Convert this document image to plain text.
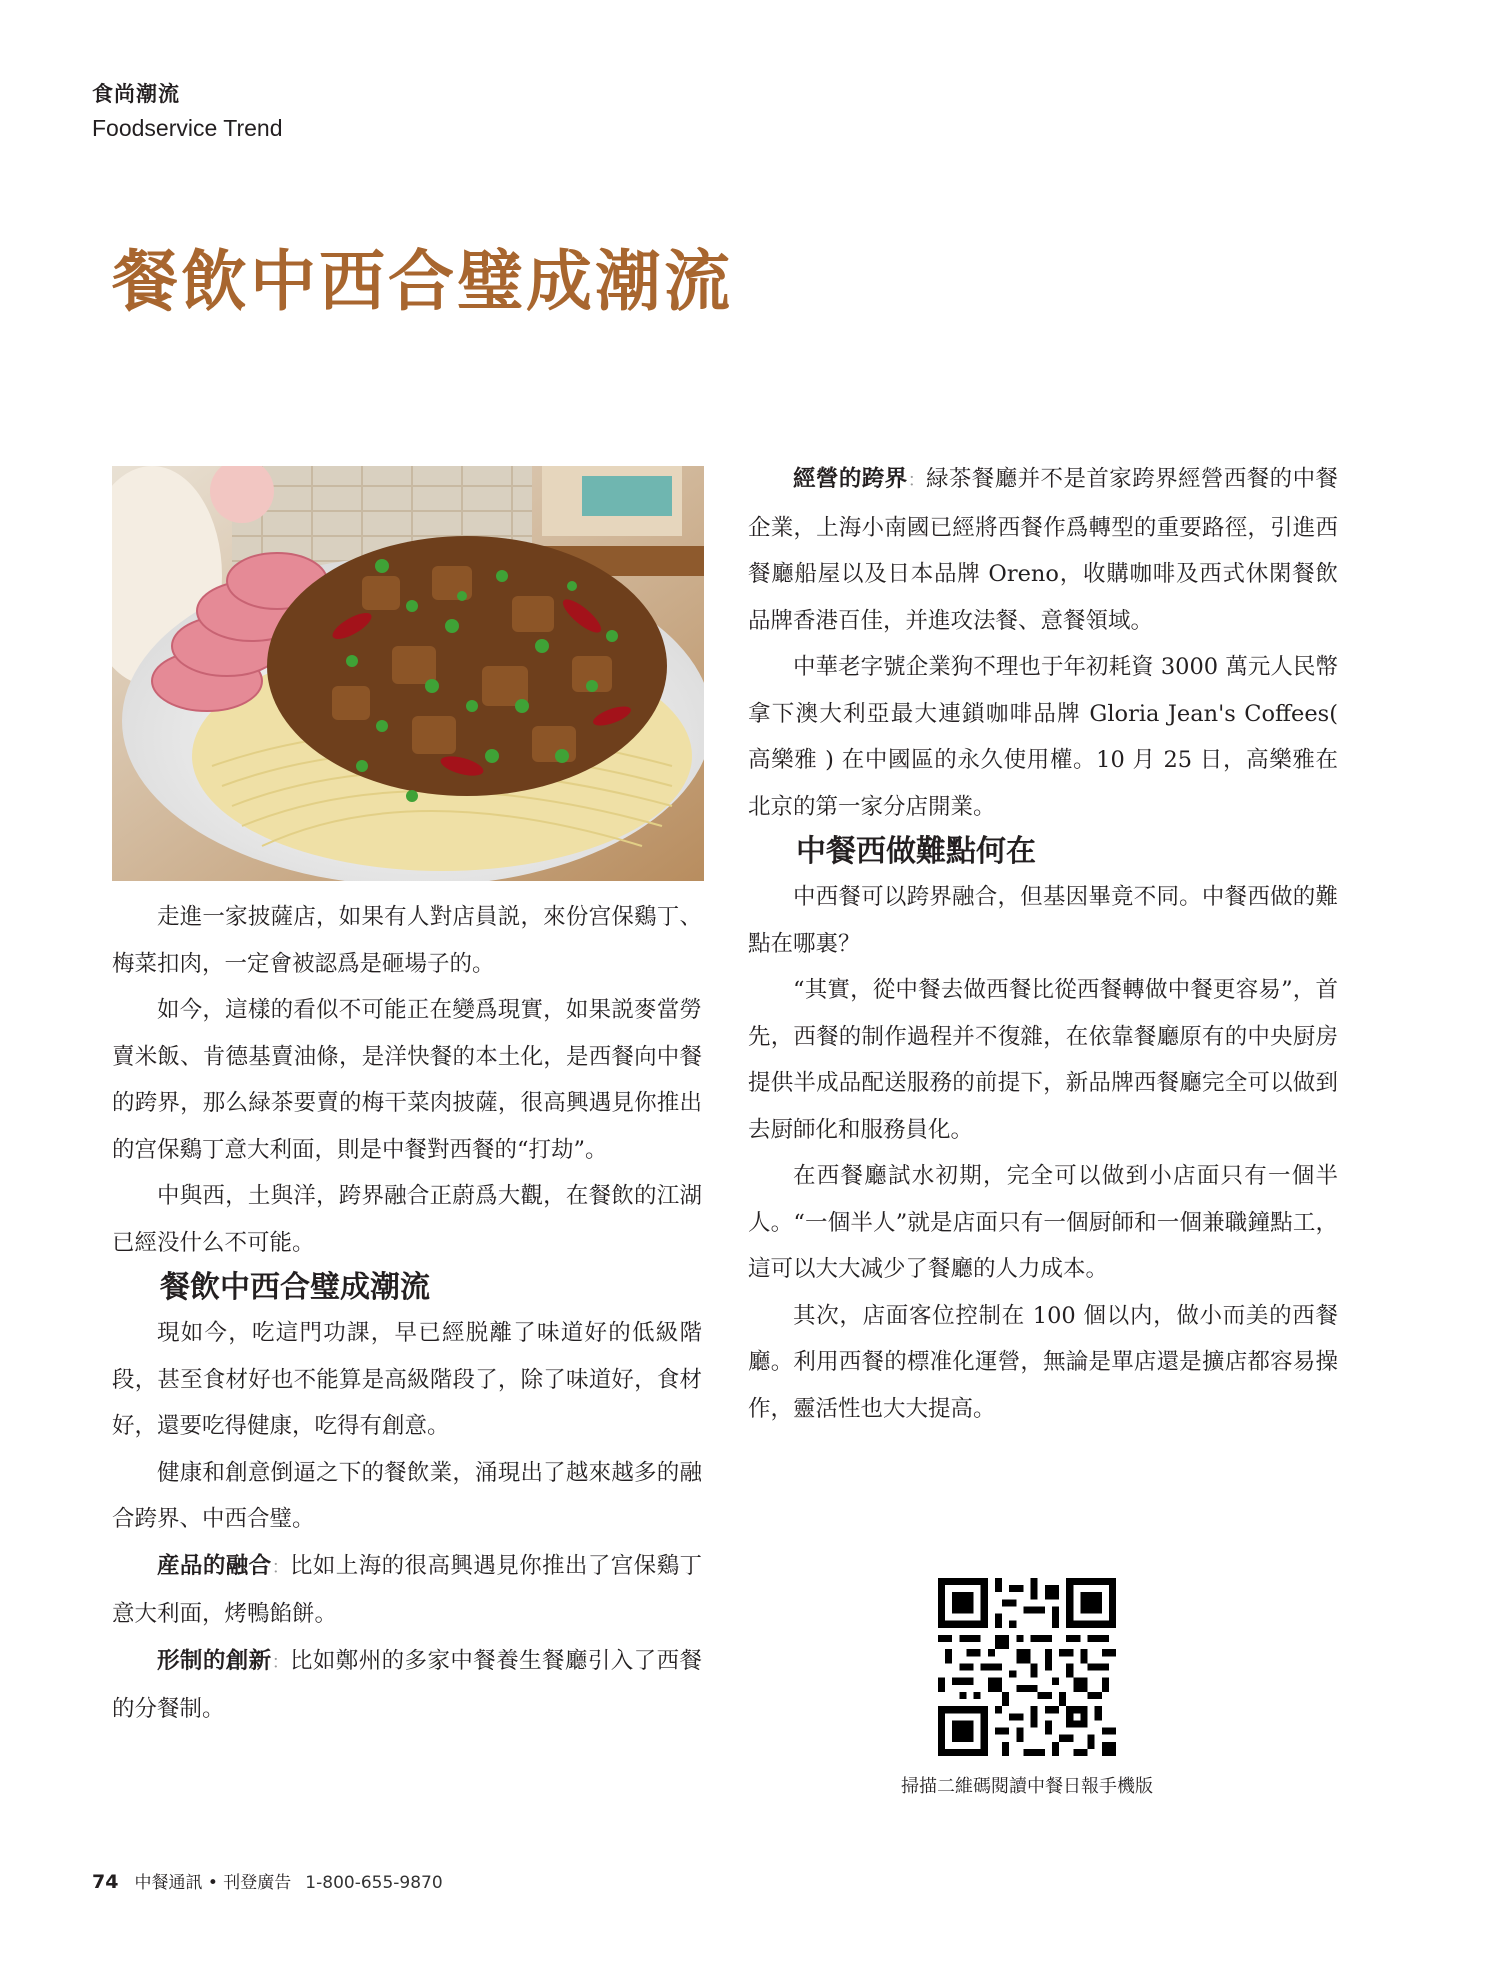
食尚潮流
Foodservice Trend
餐飲中西合璧成潮流

走進一家披薩店，如果有人對店員説，來份宫保鷄丁、梅菜扣肉，一定會被認爲是砸場子的。

如今，這樣的看似不可能正在變爲現實，如果説麥當勞賣米飯、肯德基賣油條，是洋快餐的本土化，是西餐向中餐的跨界，那么緑茶要賣的梅干菜肉披薩，很高興遇見你推出的宫保鷄丁意大利面，則是中餐對西餐的“打劫”。

中與西，土與洋，跨界融合正蔚爲大觀，在餐飲的江湖已經没什么不可能。

餐飲中西合璧成潮流

現如今，吃這門功課，早已經脱離了味道好的低級階段，甚至食材好也不能算是高級階段了，除了味道好，食材好，還要吃得健康，吃得有創意。

健康和創意倒逼之下的餐飲業，涌現出了越來越多的融合跨界、中西合璧。

産品的融合：比如上海的很高興遇見你推出了宫保鷄丁意大利面，烤鴨餡餅。

形制的創新：比如鄭州的多家中餐養生餐廳引入了西餐的分餐制。

經營的跨界：緑茶餐廳并不是首家跨界經營西餐的中餐企業，上海小南國已經將西餐作爲轉型的重要路徑，引進西餐廳船屋以及日本品牌 Oreno，收購咖啡及西式休閑餐飲品牌香港百佳，并進攻法餐、意餐領域。

中華老字號企業狗不理也于年初耗資 3000 萬元人民幣拿下澳大利亞最大連鎖咖啡品牌 Gloria Jean's Coffees( 高樂雅 ) 在中國區的永久使用權。10 月 25 日，高樂雅在北京的第一家分店開業。

中餐西做難點何在

中西餐可以跨界融合，但基因畢竟不同。中餐西做的難點在哪裏？

“其實，從中餐去做西餐比從西餐轉做中餐更容易”，首先，西餐的制作過程并不復雜，在依靠餐廳原有的中央厨房提供半成品配送服務的前提下，新品牌西餐廳完全可以做到去厨師化和服務員化。

在西餐廳試水初期，完全可以做到小店面只有一個半人。“一個半人”就是店面只有一個厨師和一個兼職鐘點工，這可以大大减少了餐廳的人力成本。

其次，店面客位控制在 100 個以内，做小而美的西餐廳。利用西餐的標准化運營，無論是單店還是擴店都容易操作，靈活性也大大提高。

掃描二維碼閱讀中餐日報手機版
74 中餐通訊 • 刊登廣告 1-800-655-9870
